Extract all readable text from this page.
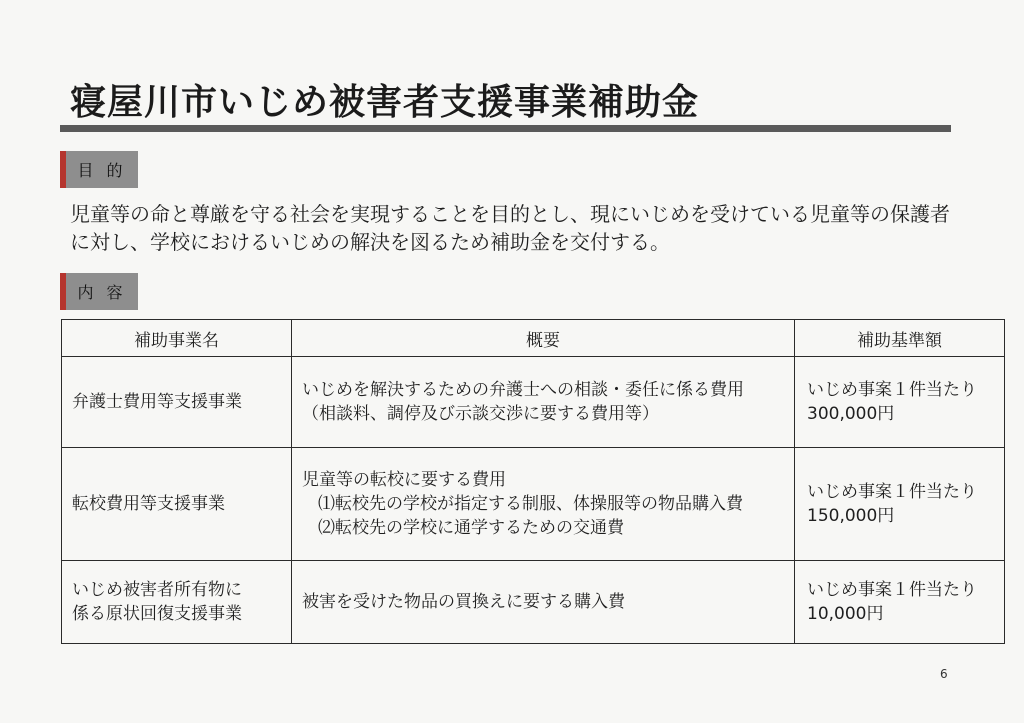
寝屋川市いじめ被害者支援事業補助金
目 的

児童等の命と尊厳を守る社会を実現することを目的とし、現にいじめを受けている児童等の保護者

に対し、学校におけるいじめの解決を図るため補助金を交付する。

内 容
補助事業名	概要	補助基準額

弁護士費用等支援事業	いじめを解決するための弁護士への相談・委任に係る費用
（相談料、調停及び示談交渉に要する費用等）	いじめ事案１件当たり
300,000円

転校費用等支援事業	児童等の転校に要する費用
⑴転校先の学校が指定する制服、体操服等の物品購入費
⑵転校先の学校に通学するための交通費	いじめ事案１件当たり
150,000円

いじめ被害者所有物に
係る原状回復支援事業	被害を受けた物品の買換えに要する購入費	いじめ事案１件当たり
10,000円
6
